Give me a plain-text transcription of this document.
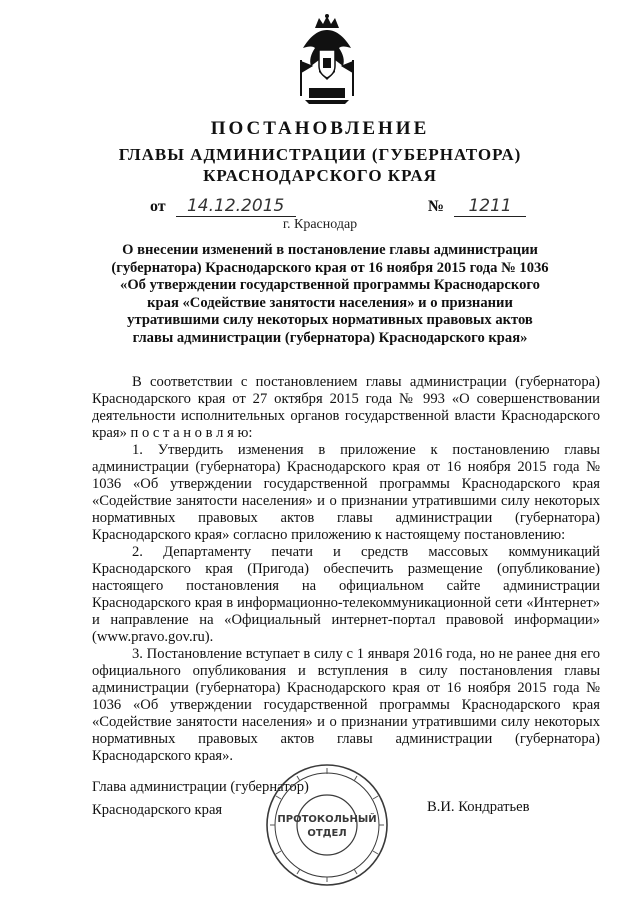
ПОСТАНОВЛЕНИЕ
ГЛАВЫ АДМИНИСТРАЦИИ (ГУБЕРНАТОРА)
КРАСНОДАРСКОГО КРАЯ
от 14.12.2015	№ 1211
г. Краснодар
О внесении изменений в постановление главы администрации (губернатора) Краснодарского края от 16 ноября 2015 года № 1036 «Об утверждении государственной программы Краснодарского края «Содействие занятости населения» и о признании утратившими силу некоторых нормативных правовых актов главы администрации (губернатора) Краснодарского края»

В соответствии с постановлением главы администрации (губернатора) Краснодарского края от 27 октября 2015 года № 993 «О совершенствовании деятельности исполнительных органов государственной власти Краснодарского края» п о с т а н о в л я ю:

1. Утвердить изменения в приложение к постановлению главы администрации (губернатора) Краснодарского края от 16 ноября 2015 года № 1036 «Об утверждении государственной программы Краснодарского края «Содействие занятости населения» и о признании утратившими силу некоторых нормативных правовых актов главы администрации (губернатора) Краснодарского края» согласно приложению к настоящему постановлению:

2. Департаменту печати и средств массовых коммуникаций Краснодарского края (Пригода) обеспечить размещение (опубликование) настоящего постановления на официальном сайте администрации Краснодарского края в информационно-телекоммуникационной сети «Интернет» и направление на «Официальный интернет-портал правовой информации» (www.pravo.gov.ru).

3. Постановление вступает в силу с 1 января 2016 года, но не ранее дня его официального опубликования и вступления в силу постановления главы администрации (губернатора) Краснодарского края от 16 ноября 2015 года № 1036 «Об утверждении государственной программы Краснодарского края «Содействие занятости населения» и о признании утратившими силу некоторых нормативных правовых актов главы администрации (губернатора) Краснодарского края».

Глава администрации (губернатор)
Краснодарского края	В.И. Кондратьев
ПРОТОКОЛЬНЫЙ
ОТДЕЛ
